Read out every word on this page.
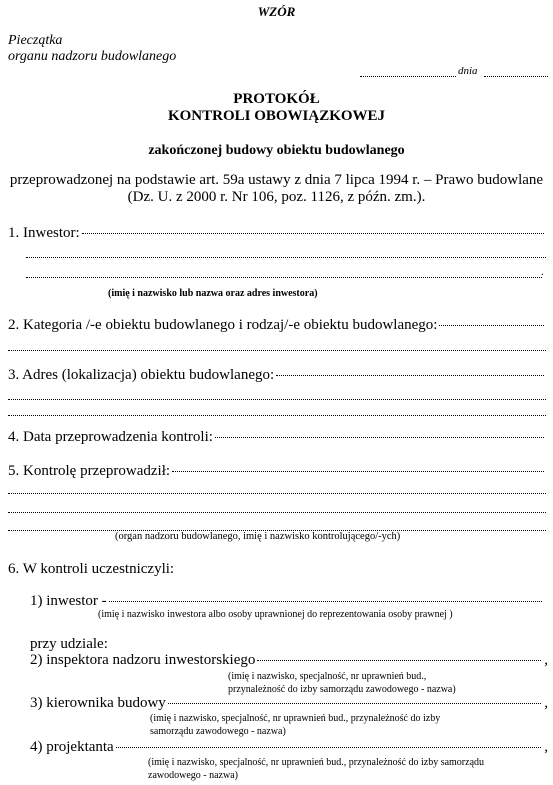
WZÓR
Pieczątka
organu nadzoru budowlanego
dnia
PROTOKÓŁ
KONTROLI OBOWIĄZKOWEJ
zakończonej budowy obiektu budowlanego
przeprowadzonej na podstawie art. 59a ustawy z dnia 7 lipca 1994 r. – Prawo budowlane
(Dz. U. z 2000 r. Nr 106, poz. 1126, z późn. zm.).
1. Inwestor:
.
(imię i nazwisko lub nazwa oraz adres inwestora)
2. Kategoria /-e obiektu budowlanego i rodzaj/-e obiektu budowlanego:
3. Adres (lokalizacja) obiektu budowlanego:
4. Data przeprowadzenia kontroli:
5. Kontrolę przeprowadził:
(organ nadzoru budowlanego, imię i nazwisko kontrolującego/-ych)
6. W kontroli uczestniczyli:
1) inwestor -
(imię i nazwisko inwestora albo osoby uprawnionej do reprezentowania osoby prawnej )
przy udziale:
2) inspektora nadzoru inwestorskiego	,
(imię i nazwisko, specjalność, nr uprawnień bud.,
przynależność do izby samorządu zawodowego - nazwa)
3) kierownika budowy	,
(imię i nazwisko, specjalność, nr uprawnień bud., przynależność do izby
samorządu zawodowego - nazwa)
4) projektanta	,
(imię i nazwisko, specjalność, nr uprawnień bud., przynależność do izby samorządu
zawodowego - nazwa)
